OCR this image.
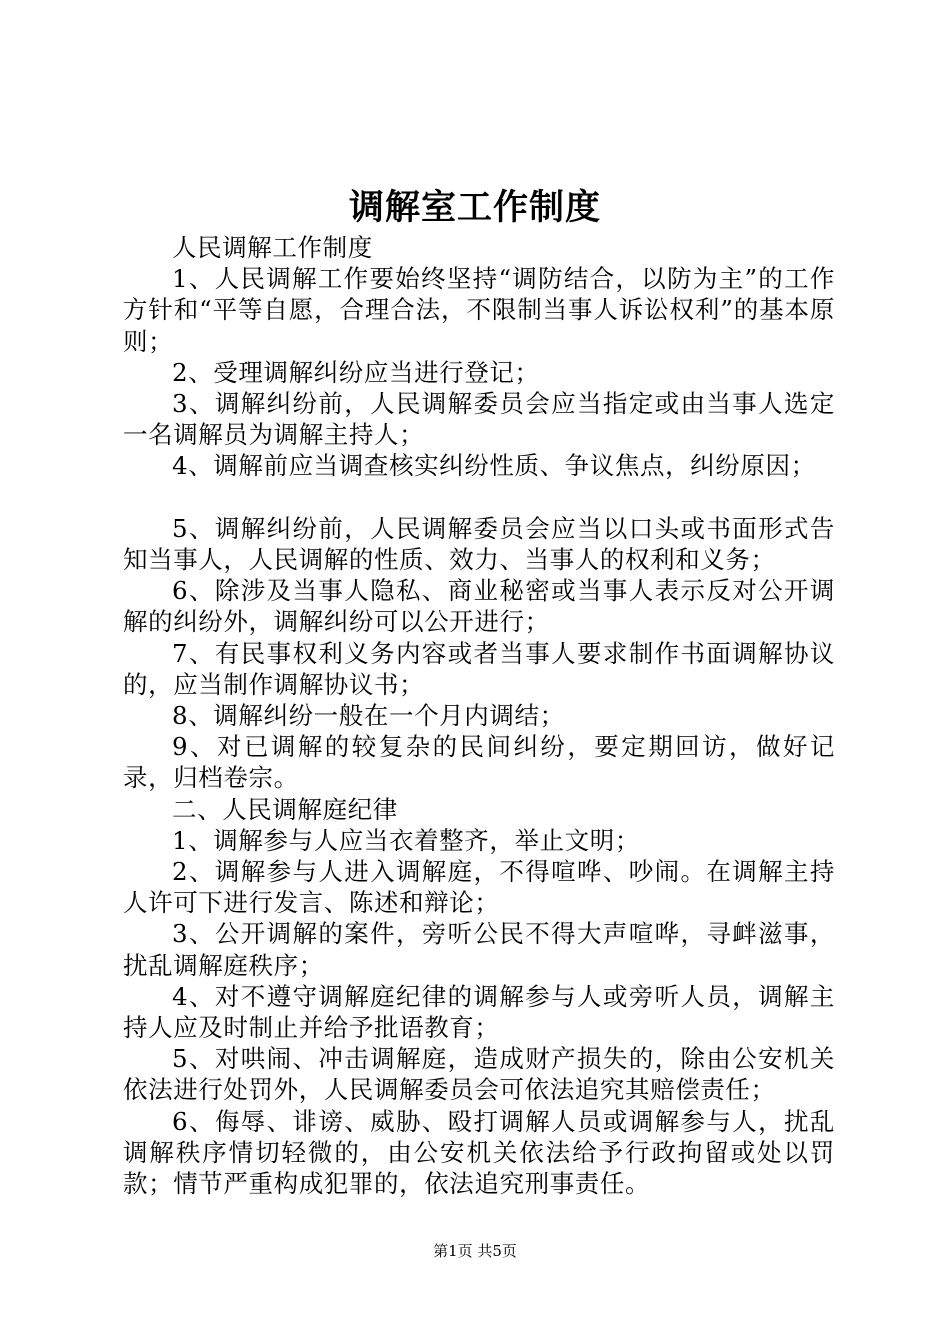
调解室工作制度

人民调解工作制度

1、人民调解工作要始终坚持“调防结合，以防为主”的工作方针和“平等自愿，合理合法，不限制当事人诉讼权利”的基本原则；

2、受理调解纠纷应当进行登记；

3、调解纠纷前，人民调解委员会应当指定或由当事人选定一名调解员为调解主持人；

4、调解前应当调查核实纠纷性质、争议焦点，纠纷原因；

5、调解纠纷前，人民调解委员会应当以口头或书面形式告知当事人，人民调解的性质、效力、当事人的权利和义务；

6、除涉及当事人隐私、商业秘密或当事人表示反对公开调解的纠纷外，调解纠纷可以公开进行；

7、有民事权利义务内容或者当事人要求制作书面调解协议的，应当制作调解协议书；

8、调解纠纷一般在一个月内调结；

9、对已调解的较复杂的民间纠纷，要定期回访，做好记录，归档卷宗。

二、人民调解庭纪律

1、调解参与人应当衣着整齐，举止文明；

2、调解参与人进入调解庭，不得喧哗、吵闹。在调解主持人许可下进行发言、陈述和辩论；

3、公开调解的案件，旁听公民不得大声喧哗，寻衅滋事，扰乱调解庭秩序；

4、对不遵守调解庭纪律的调解参与人或旁听人员，调解主持人应及时制止并给予批语教育；

5、对哄闹、冲击调解庭，造成财产损失的，除由公安机关依法进行处罚外，人民调解委员会可依法追究其赔偿责任；

6、侮辱、诽谤、威胁、殴打调解人员或调解参与人，扰乱调解秩序情切轻微的，由公安机关依法给予行政拘留或处以罚款；情节严重构成犯罪的，依法追究刑事责任。

第1页 共5页
